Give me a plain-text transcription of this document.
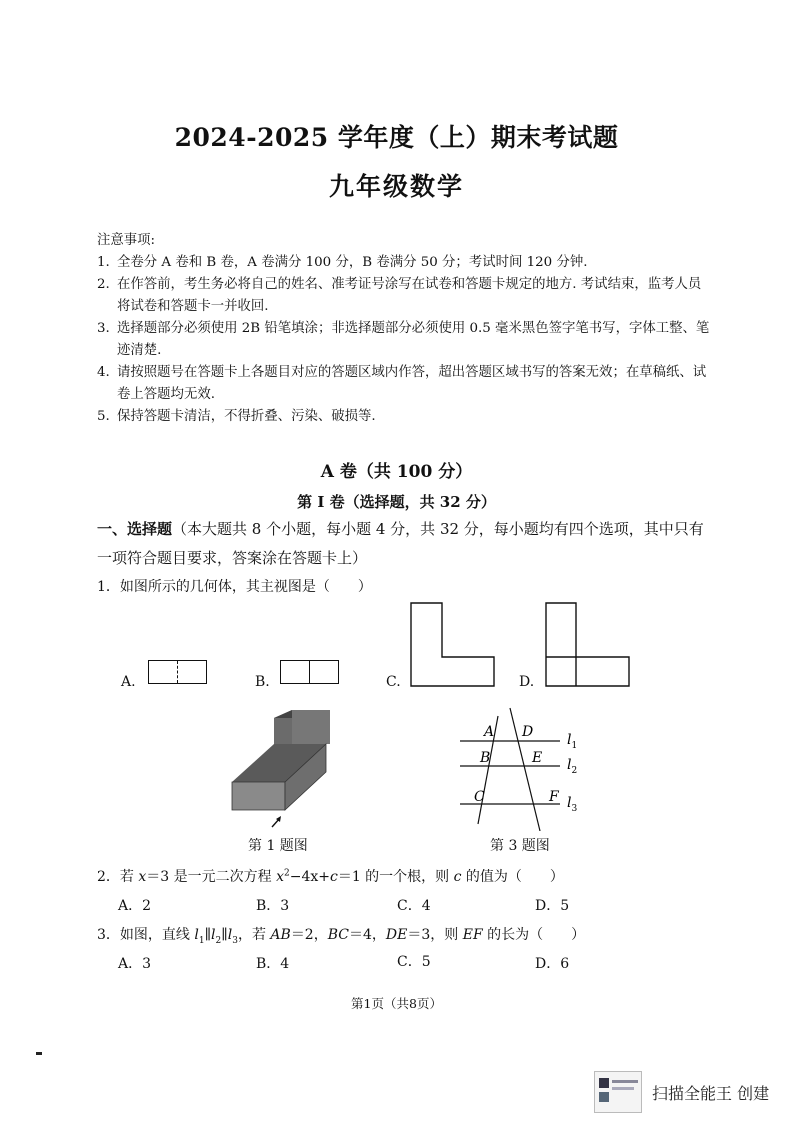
2024-2025 学年度（上）期末考试题
九年级数学
注意事项:
1. 全卷分 A 卷和 B 卷，A 卷满分 100 分，B 卷满分 50 分；考试时间 120 分钟.
2. 在作答前，考生务必将自己的姓名、准考证号涂写在试卷和答题卡规定的地方. 考试结束，监考人员将试卷和答题卡一并收回.
3. 选择题部分必须使用 2B 铅笔填涂；非选择题部分必须使用 0.5 毫米黑色签字笔书写，字体工整、笔迹清楚.
4. 请按照题号在答题卡上各题目对应的答题区域内作答，超出答题区域书写的答案无效；在草稿纸、试卷上答题均无效.
5. 保持答题卡清洁，不得折叠、污染、破损等.
A 卷（共 100 分）
第 I 卷（选择题，共 32 分）
一、选择题（本大题共 8 个小题，每小题 4 分，共 32 分，每小题均有四个选项，其中只有一项符合题目要求，答案涂在答题卡上）
1．如图所示的几何体，其主视图是（　　）
A.	B.	C.	D.
第 1 题图
A D
B	E
C	F
$l_1$
$l_2$
$l_3$
第 3 题图
2．若 x＝3 是一元二次方程 $x^2-4x+c=1$ 的一个根，则 c 的值为（　　）
A．2	B．3	C．4	D．5
3．如图，直线 $l_1\parallel l_2\parallel l_3$，若 AB＝2，BC＝4，DE＝3，则 EF 的长为（　　）
A．3	B．4	C．5	D．6
第1页（共8页）
扫描全能王 创建
